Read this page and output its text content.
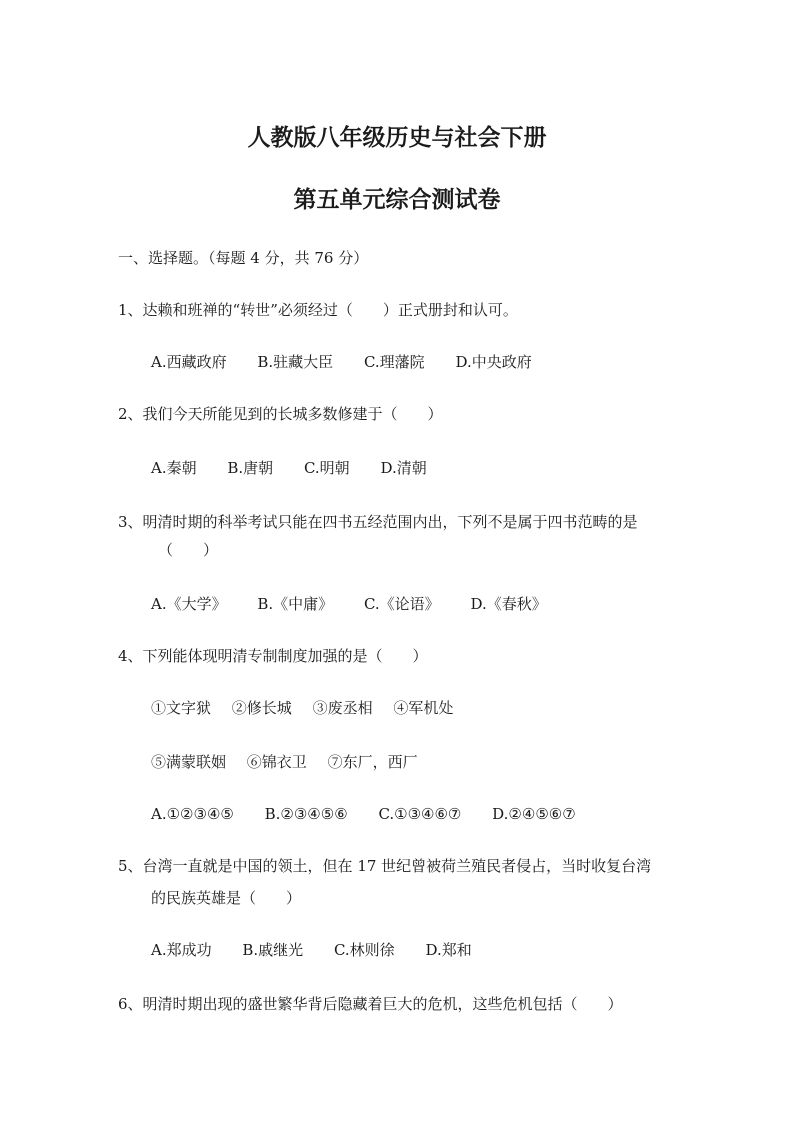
人教版八年级历史与社会下册
第五单元综合测试卷
一、选择题。（每题 4 分，共 76 分）
1、达赖和班禅的“转世”必须经过（　　）正式册封和认可。
A.西藏政府 B.驻藏大臣 C.理藩院 D.中央政府
2、我们今天所能见到的长城多数修建于（　　）
A.秦朝 B.唐朝 C.明朝 D.清朝
3、明清时期的科举考试只能在四书五经范围内出，下列不是属于四书范畴的是
（　　）
A.《大学》 B.《中庸》 C.《论语》 D.《春秋》
4、下列能体现明清专制制度加强的是（　　）
①文字狱 ②修长城 ③废丞相 ④军机处
⑤满蒙联姻 ⑥锦衣卫 ⑦东厂，西厂
A.①②③④⑤ B.②③④⑤⑥ C.①③④⑥⑦ D.②④⑤⑥⑦
5、台湾一直就是中国的领土，但在 17 世纪曾被荷兰殖民者侵占，当时收复台湾
的民族英雄是（　　）
A.郑成功 B.戚继光 C.林则徐 D.郑和
6、明清时期出现的盛世繁华背后隐藏着巨大的危机，这些危机包括（　　）
